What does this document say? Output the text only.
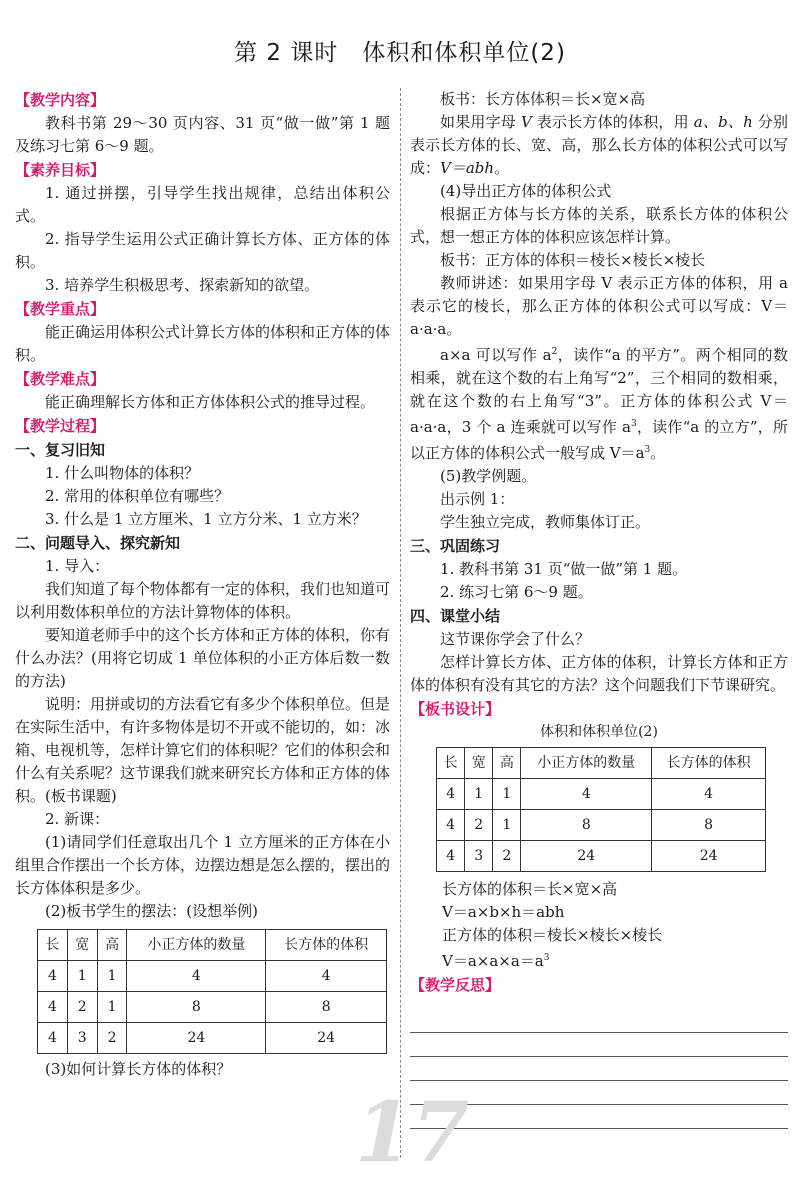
第 2 课时　体积和体积单位(2)

【教学内容】

教科书第 29～30 页内容、31 页“做一做”第 1 题及练习七第 6～9 题。

【素养目标】

1. 通过拼摆，引导学生找出规律，总结出体积公式。

2. 指导学生运用公式正确计算长方体、正方体的体积。

3. 培养学生积极思考、探索新知的欲望。

【教学重点】

能正确运用体积公式计算长方体的体积和正方体的体积。

【教学难点】

能正确理解长方体和正方体体积公式的推导过程。

【教学过程】

一、复习旧知

1. 什么叫物体的体积？

2. 常用的体积单位有哪些？

3. 什么是 1 立方厘米、1 立方分米、1 立方米？

二、问题导入、探究新知

1. 导入：

我们知道了每个物体都有一定的体积，我们也知道可以利用数体积单位的方法计算物体的体积。

要知道老师手中的这个长方体和正方体的体积，你有什么办法？(用将它切成 1 单位体积的小正方体后数一数的方法)

说明：用拼或切的方法看它有多少个体积单位。但是在实际生活中，有许多物体是切不开或不能切的，如：冰箱、电视机等，怎样计算它们的体积呢？它们的体积会和什么有关系呢？这节课我们就来研究长方体和正方体的体积。(板书课题)

2. 新课：

(1)请同学们任意取出几个 1 立方厘米的正方体在小组里合作摆出一个长方体，边摆边想是怎么摆的，摆出的长方体体积是多少。

(2)板书学生的摆法：(设想举例)

长	宽	高	小正方体的数量	长方体的体积
4	1	1	4	4
4	2	1	8	8
4	3	2	24	24

(3)如何计算长方体的体积？

板书：长方体体积＝长×宽×高

如果用字母 V 表示长方体的体积，用 a、b、h 分别表示长方体的长、宽、高，那么长方体的体积公式可以写成：V＝abh。

(4)导出正方体的体积公式

根据正方体与长方体的关系，联系长方体的体积公式，想一想正方体的体积应该怎样计算。

板书：正方体的体积＝棱长×棱长×棱长

教师讲述：如果用字母 V 表示正方体的体积，用 a 表示它的棱长，那么正方体的体积公式可以写成：V＝a·a·a。

a×a 可以写作 $a^2$，读作“a 的平方”。两个相同的数相乘，就在这个数的右上角写“2”，三个相同的数相乘，就在这个数的右上角写“3”。正方体的体积公式 V＝a·a·a，3 个 a 连乘就可以写作 $a^3$，读作“a 的立方”，所以正方体的体积公式一般写成 $V=a^3$。

(5)教学例题。

出示例 1：

学生独立完成，教师集体订正。

三、巩固练习

1. 教科书第 31 页“做一做”第 1 题。

2. 练习七第 6～9 题。

四、课堂小结

这节课你学会了什么？

怎样计算长方体、正方体的体积，计算长方体和正方体的体积有没有其它的方法？这个问题我们下节课研究。

【板书设计】

体积和体积单位(2)
长	宽	高	小正方体的数量	长方体的体积
4	1	1	4	4
4	2	1	8	8
4	3	2	24	24
长方体的体积＝长×宽×高
V＝a×b×h＝abh
正方体的体积＝棱长×棱长×棱长
$V=a\times a\times a=a^3$

【教学反思】

17
